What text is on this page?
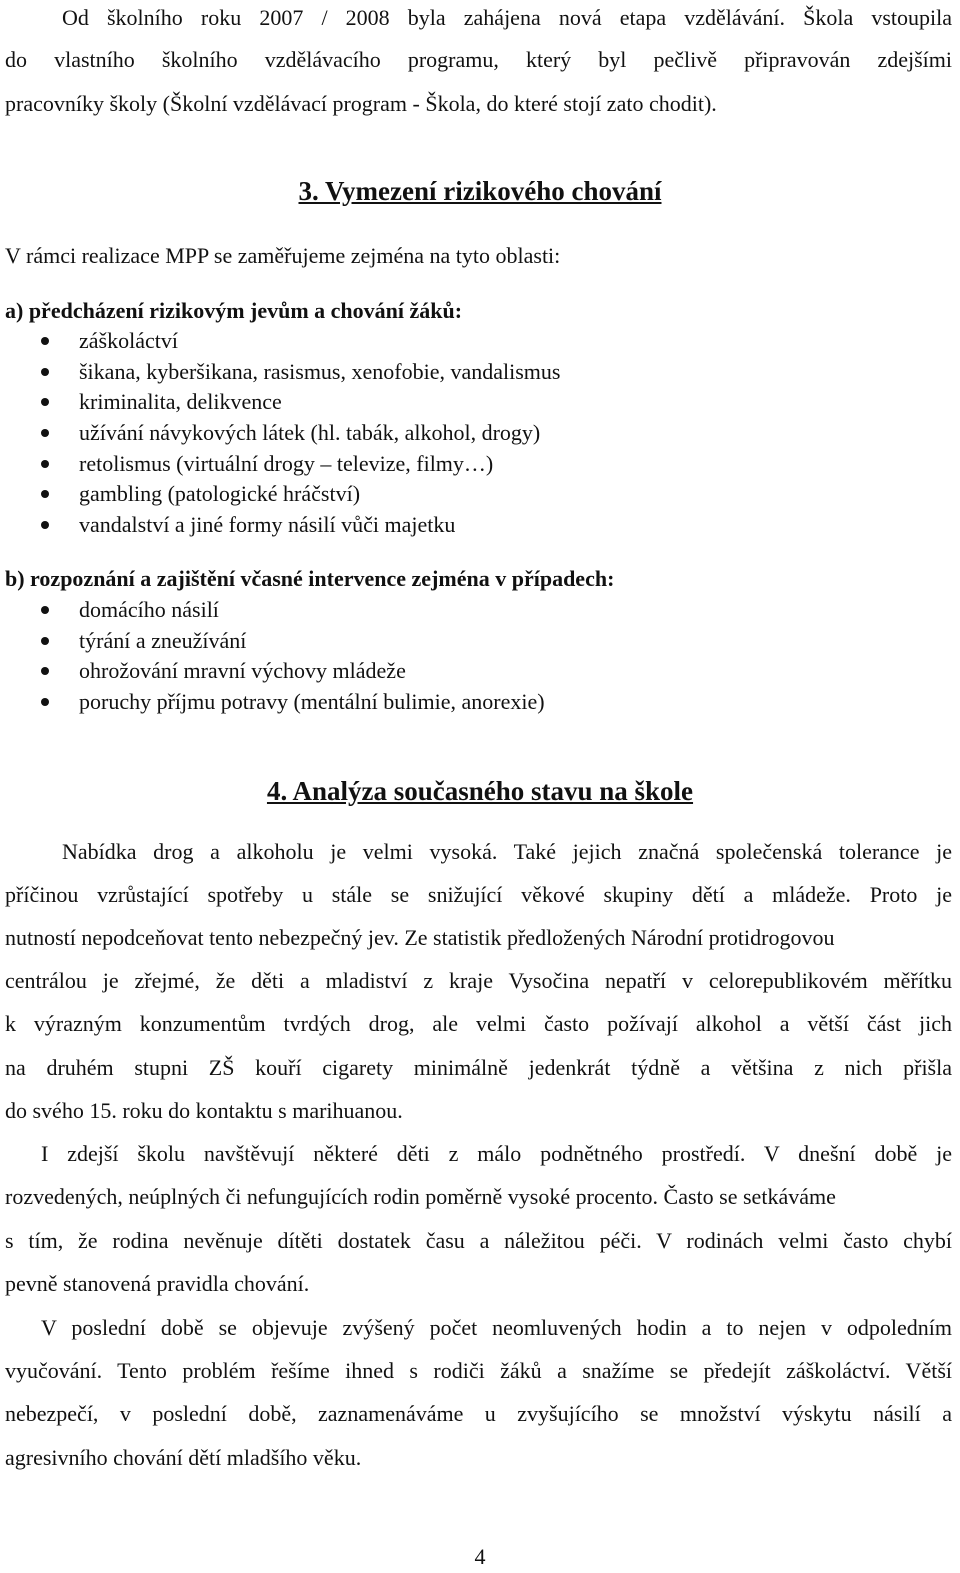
Od školního roku 2007 / 2008 byla zahájena nová etapa vzdělávání. Škola vstoupila
do vlastního školního vzdělávacího programu, který byl pečlivě připravován zdejšími
pracovníky školy (Školní vzdělávací program - Škola, do které stojí zato chodit).
3. Vymezení rizikového chování
V rámci realizace MPP se zaměřujeme zejména na tyto oblasti:
a) předcházení rizikovým jevům a chování žáků:
záškoláctví
šikana, kyberšikana, rasismus, xenofobie, vandalismus
kriminalita, delikvence
užívání návykových látek (hl. tabák, alkohol, drogy)
retolismus (virtuální drogy – televize, filmy…)
gambling (patologické hráčství)
vandalství a jiné formy násilí vůči majetku
b) rozpoznání a zajištění včasné intervence zejména v případech:
domácího násilí
týrání a zneužívání
ohrožování mravní výchovy mládeže
poruchy příjmu potravy (mentální bulimie, anorexie)
4. Analýza současného stavu na škole
Nabídka drog a alkoholu je velmi vysoká. Také jejich značná společenská tolerance je
příčinou vzrůstající spotřeby u stále se snižující věkové skupiny dětí a mládeže. Proto je
nutností nepodceňovat tento nebezpečný jev. Ze statistik předložených Národní protidrogovou
centrálou je zřejmé, že děti a mladiství z kraje Vysočina nepatří v celorepublikovém měřítku
k výrazným konzumentům tvrdých drog, ale velmi často požívají alkohol a větší část jich
na druhém stupni ZŠ kouří cigarety minimálně jedenkrát týdně a většina z nich přišla
do svého 15. roku do kontaktu s marihuanou.
I zdejší školu navštěvují některé děti z málo podnětného prostředí. V dnešní době je
rozvedených, neúplných či nefungujících rodin poměrně vysoké procento. Často se setkáváme
s tím, že rodina nevěnuje dítěti dostatek času a náležitou péči. V rodinách velmi často chybí
pevně stanovená pravidla chování.
V poslední době se objevuje zvýšený počet neomluvených hodin a to nejen v odpoledním
vyučování. Tento problém řešíme ihned s rodiči žáků a snažíme se předejít záškoláctví. Větší
nebezpečí, v poslední době, zaznamenáváme u zvyšujícího se množství výskytu násilí a
agresivního chování dětí mladšího věku.
4
